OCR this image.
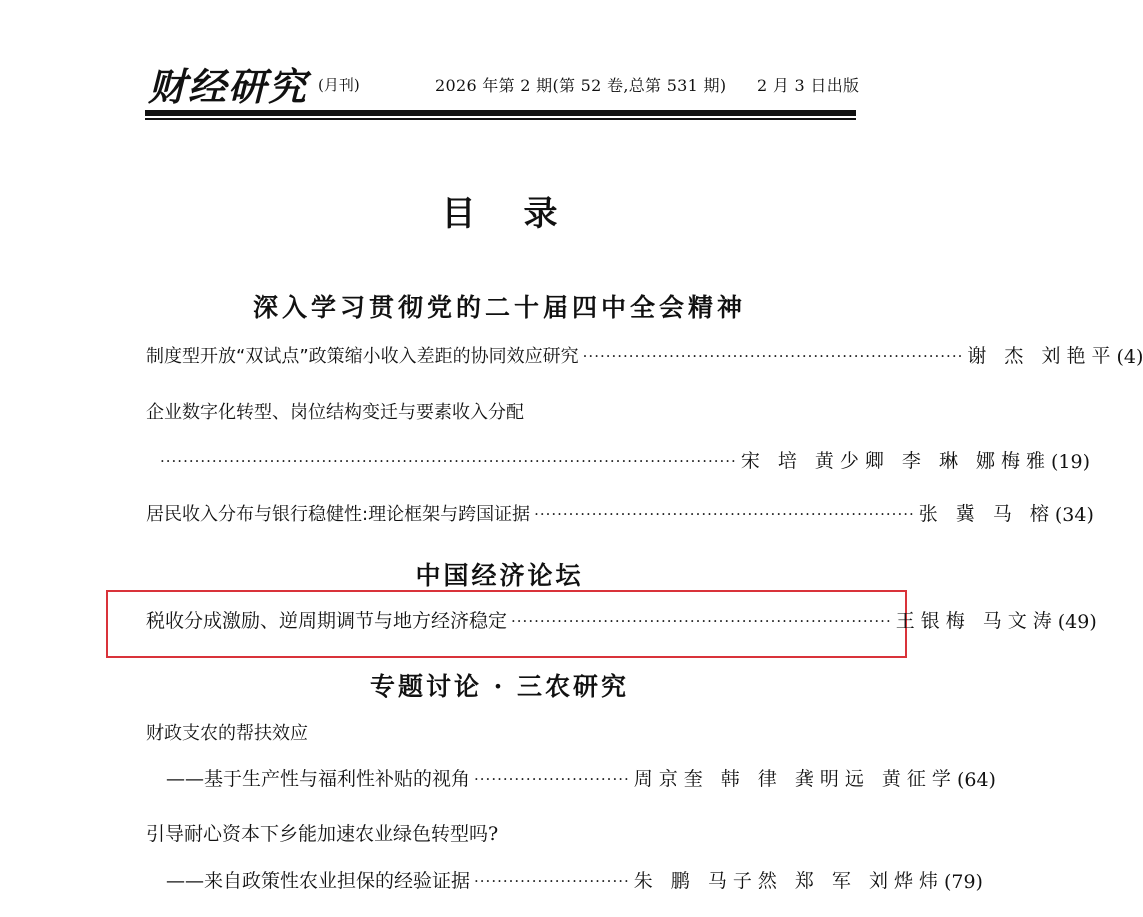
财经研究 (月刊)	2026 年第 2 期(第 52 卷,总第 531 期) 2 月 3 日出版
目录
深入学习贯彻党的二十届四中全会精神
制度型开放“双试点”政策缩小收入差距的协同效应研究 ·································································· 谢 杰 刘艳平 (4)
企业数字化转型、岗位结构变迁与要素收入分配
···································································································· 宋 培 黄少卿 李 琳 娜梅雅 (19)
居民收入分布与银行稳健性:理论框架与跨国证据 ·································································· 张 冀 马 榕 (34)
中国经济论坛
税收分成激励、逆周期调节与地方经济稳定 ·································································· 王银梅 马文涛 (49)
专题讨论 · 三农研究
财政支农的帮扶效应
——基于生产性与福利性补贴的视角 ··························· 周京奎 韩 律 龚明远 黄征学 (64)
引导耐心资本下乡能加速农业绿色转型吗?
——来自政策性农业担保的经验证据 ··························· 朱 鹏 马子然 郑 军 刘烨炜 (79)
